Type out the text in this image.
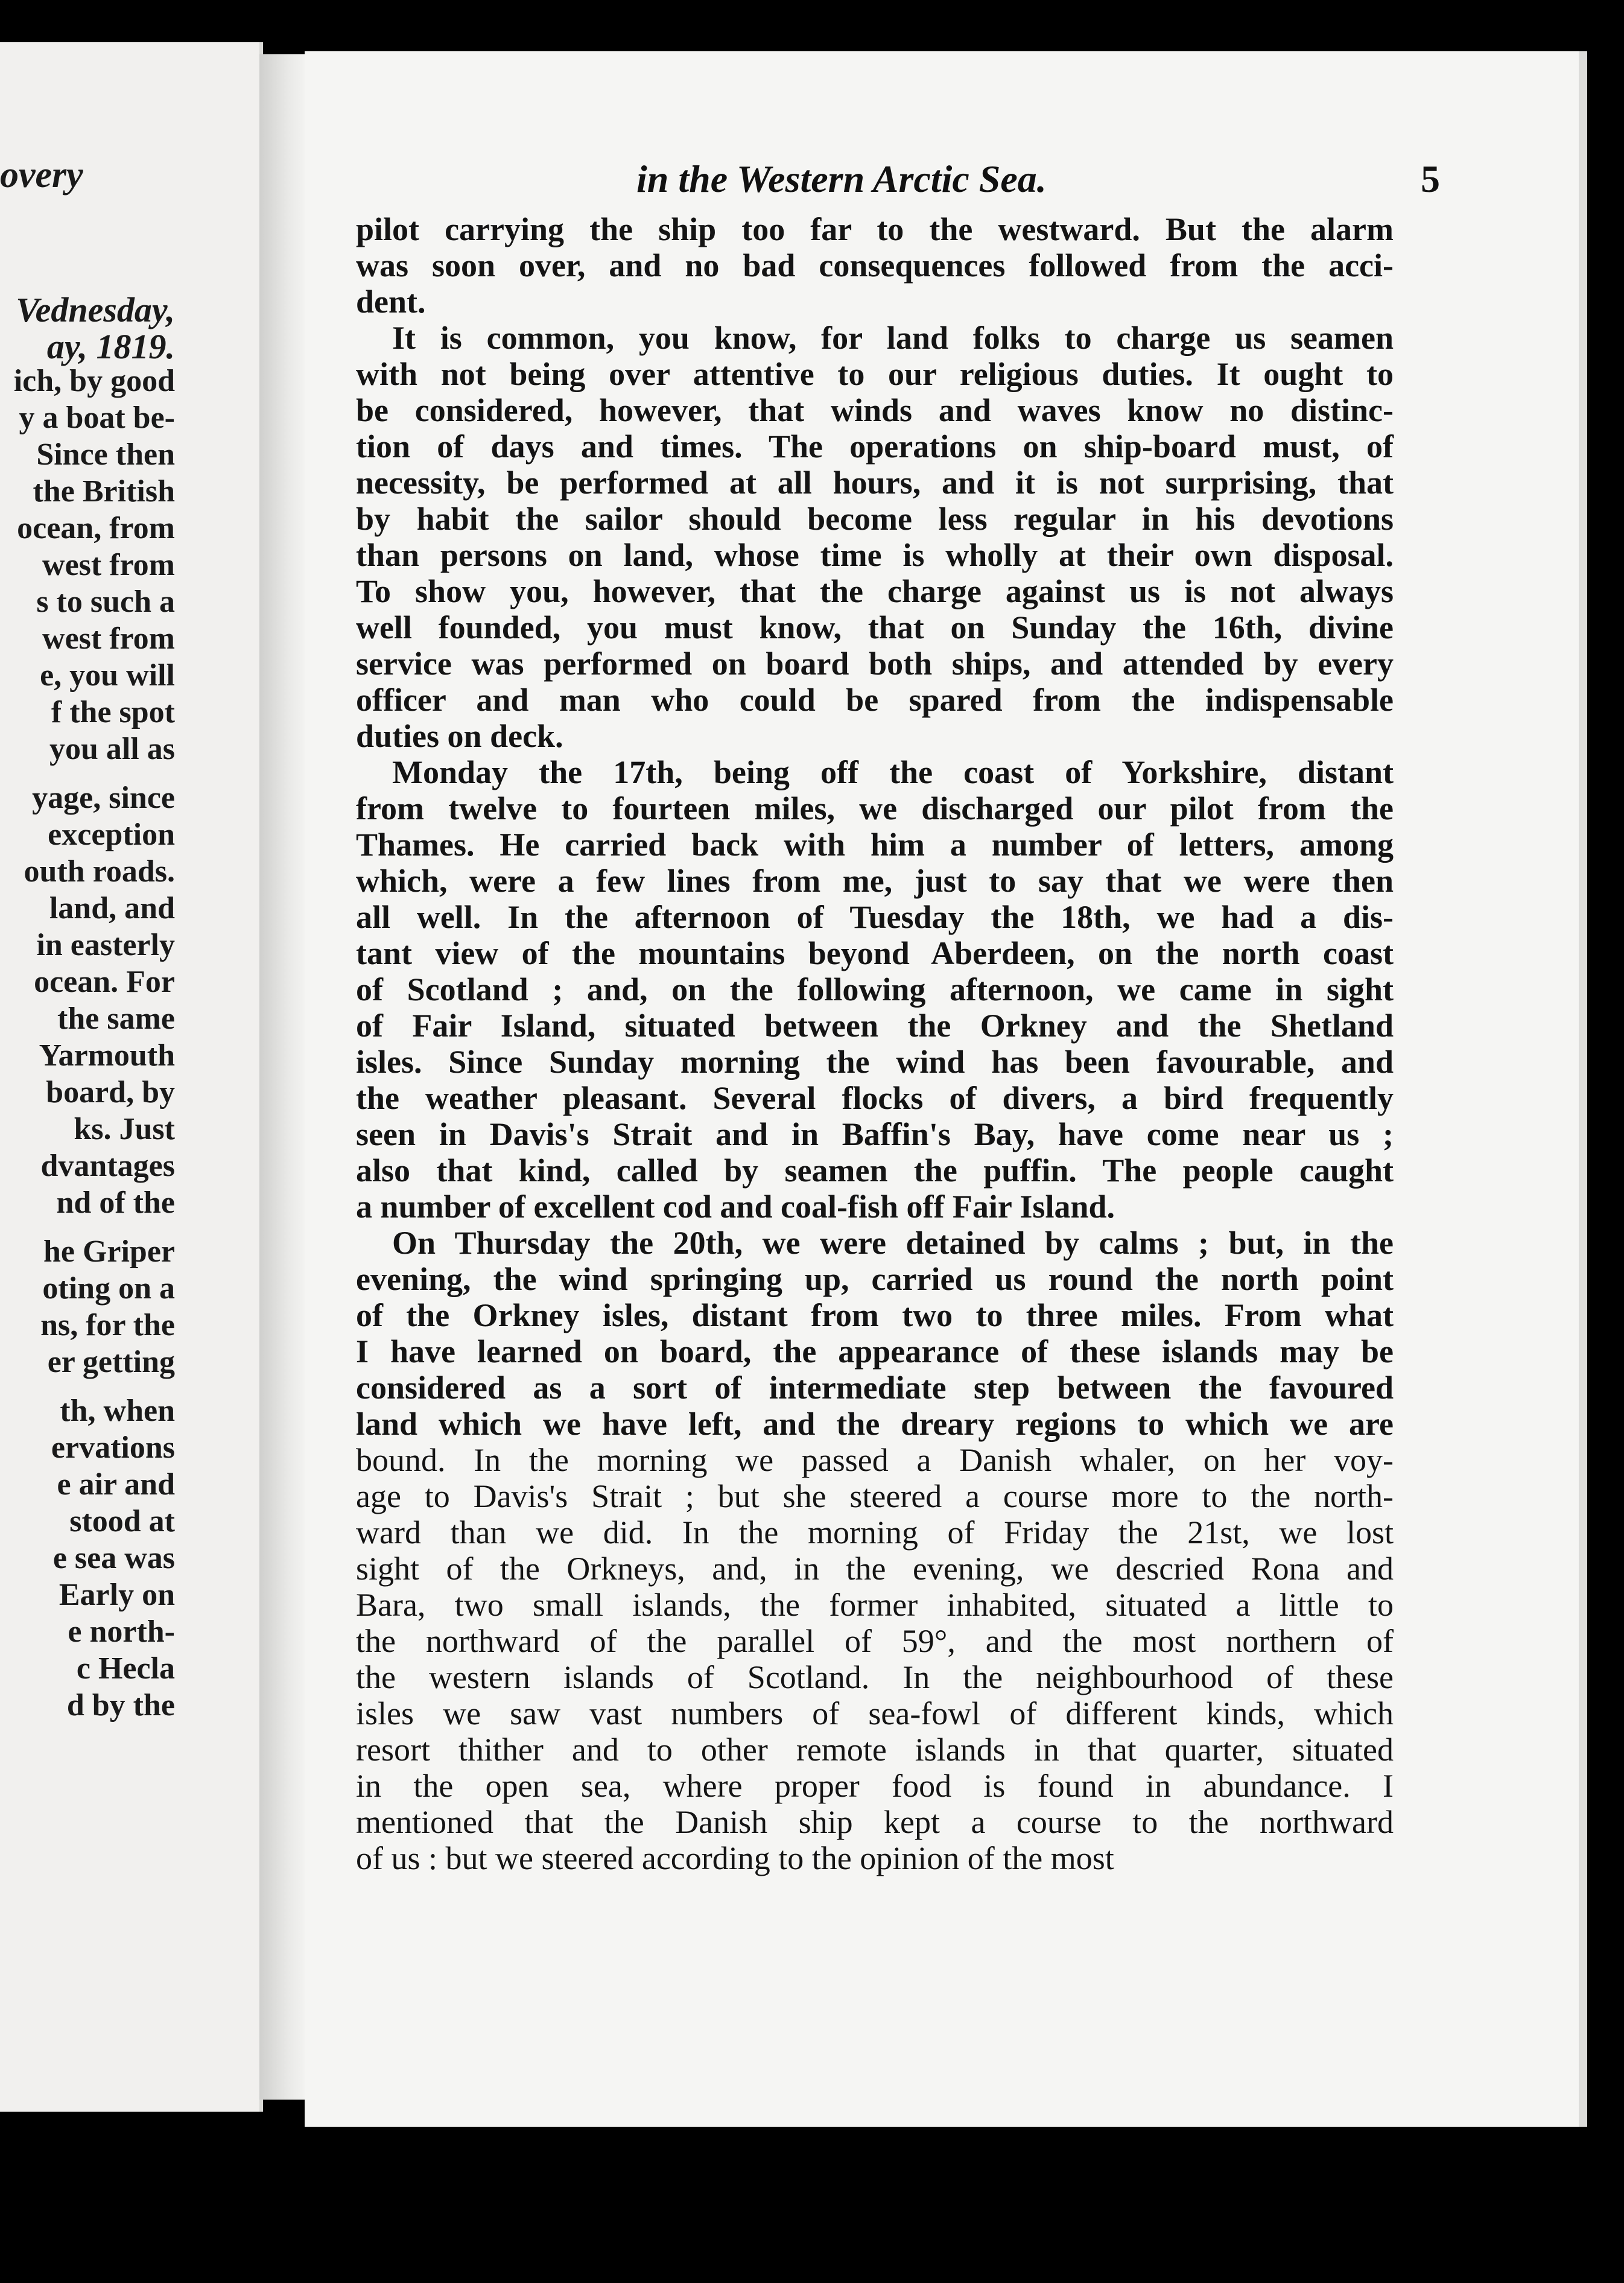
overy
Vednesday,
ay, 1819.
ich, by good
y a boat be-
Since then
the British
ocean, from
west from
s to such a
west from
e, you will
f the spot
you all as
yage, since
exception
outh roads.
land, and
in easterly
ocean. For
the same
Yarmouth
board, by
ks. Just
dvantages
nd of the
he Griper
oting on a
ns, for the
er getting
th, when
ervations
e air and
stood at
e sea was
Early on
e north-
c Hecla
d by the
in the Western Arctic Sea.	5
pilot carrying the ship too far to the westward. But the alarm
was soon over, and no bad consequences followed from the acci-
dent.
It is common, you know, for land folks to charge us seamen
with not being over attentive to our religious duties. It ought to
be considered, however, that winds and waves know no distinc-
tion of days and times. The operations on ship-board must, of
necessity, be performed at all hours, and it is not surprising, that
by habit the sailor should become less regular in his devotions
than persons on land, whose time is wholly at their own disposal.
To show you, however, that the charge against us is not always
well founded, you must know, that on Sunday the 16th, divine
service was performed on board both ships, and attended by every
officer and man who could be spared from the indispensable
duties on deck.
Monday the 17th, being off the coast of Yorkshire, distant
from twelve to fourteen miles, we discharged our pilot from the
Thames. He carried back with him a number of letters, among
which, were a few lines from me, just to say that we were then
all well. In the afternoon of Tuesday the 18th, we had a dis-
tant view of the mountains beyond Aberdeen, on the north coast
of Scotland ; and, on the following afternoon, we came in sight
of Fair Island, situated between the Orkney and the Shetland
isles. Since Sunday morning the wind has been favourable, and
the weather pleasant. Several flocks of divers, a bird frequently
seen in Davis's Strait and in Baffin's Bay, have come near us ;
also that kind, called by seamen the puffin. The people caught
a number of excellent cod and coal-fish off Fair Island.
On Thursday the 20th, we were detained by calms ; but, in the
evening, the wind springing up, carried us round the north point
of the Orkney isles, distant from two to three miles. From what
I have learned on board, the appearance of these islands may be
considered as a sort of intermediate step between the favoured
land which we have left, and the dreary regions to which we are
bound. In the morning we passed a Danish whaler, on her voy-
age to Davis's Strait ; but she steered a course more to the north-
ward than we did. In the morning of Friday the 21st, we lost
sight of the Orkneys, and, in the evening, we descried Rona and
Bara, two small islands, the former inhabited, situated a little to
the northward of the parallel of 59°, and the most northern of
the western islands of Scotland. In the neighbourhood of these
isles we saw vast numbers of sea-fowl of different kinds, which
resort thither and to other remote islands in that quarter, situated
in the open sea, where proper food is found in abundance. I
mentioned that the Danish ship kept a course to the northward
of us : but we steered according to the opinion of the most
